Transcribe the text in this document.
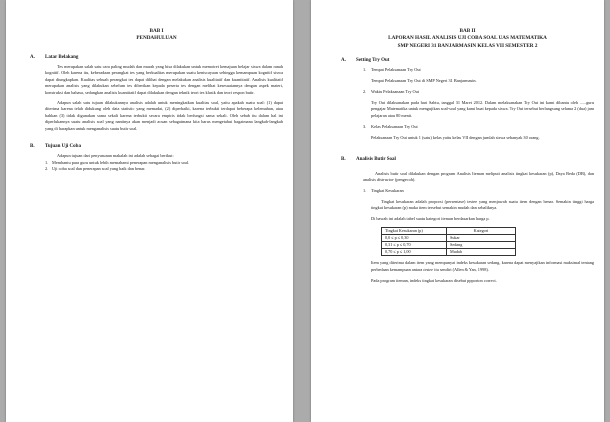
BAB I
PENDAHULUAN
A.	Latar Belakang

Tes merupakan salah satu cara paling mudah dan murah yang bisa dilakukan untuk memotret kemajuan belajar siswa dalam ranah kognitif. Oleh karena itu, keberadaan perangkat tes yang berkualitas merupakan suatu keniscayaan sehingga kemampuan kognitif siswa dapat diungkapkan. Kualitas sebuah perangkat tes dapat dilihat dengan melakukan analisis kualitatif dan kuantitatif. Analisis kualitatif merupakan analisis yang dilakukan sebelum tes diberikan kepada peserta tes dengan melihat kesesuaiannya dengan aspek materi, konstruksi dan bahasa, sedangkan analisis kuantitatif dapat dilakukan dengan teknik teori tes klasik dan teori respon butir.

Adapun salah satu tujuan dilakukannya analisis adalah untuk meningkatkan kualitas soal, yaitu apakah suatu soal: (1) dapat diterima karena telah didukung oleh data statistic yang memadai, (2) diperbaiki, karena terbukti terdapat beberapa kelemahan, atau bahkan (3) tidak digunakan sama sekali karena terbukti secara empiris tidak berfungsi sama sekali. Oleh sebab itu dalam hal ini diperlukannya suatu analisis soal yang nantinya akan menjadi acuan sebagaimana kita harus mengetahui bagaimana langkah-langkah yang di harapkan untuk menganalisis suatu butir soal.

B.	Tujuan Uji Coba

Adapun tujuan dari penyusunan makalah ini adalah sebagai berikut:

1. Membantu para guru untuk lebih memahami penerapan menganalisis butir soal.
2. Uji coba soal dan penerapan soal yang baik dan benar.
BAB II
LAPORAN HASIL ANALISIS UJI COBA SOAL UAS MATEMATIKA
SMP NEGERI 31 BANJARMASIN KELAS VII SEMESTER 2
A.	Setting Try Out
1.	Tempat Pelaksanaan Try Out

Tempat Pelaksanaan Try Out di SMP Negeri 31 Banjarmasin.

2.	Waktu Pelaksanaan Try Out

Try Out dilaksanakan pada hari Sabtu, tanggal 31 Maret 2012. Dalam melaksanakan Try Out ini kami dibantu oleh ......guru pengajar Matematika untuk mengujikan soal-soal yang kami buat kepada siswa. Try Out tersebut berlangsung selama 2 (dua) jam pelajaran atau 80 menit.

3.	Kelas Pelaksanaan Try Out

Pelaksanaan Try Out untuk 1 (satu) kelas yaitu kelas VII dengan jumlah siswa sebanyak 30 orang.

B.	Analisis Butir Soal

Analisis butir soal dilakukan dengan program Analisis Iteman meliputi analisis tingkat kesukaran (p), Daya Beda (DB), dan analisis distractor (pengecoh).

1.	Tingkat Kesukaran

Tingkat kesukaran adalah proporsi (persentase) testee yang menjawab suatu item dengan benar. Semakin tinggi harga tingkat kesukaran (p) maka item tersebut semakin mudah dan sebaliknya.

Di bawah ini adalah tabel suatu kategori iteman berdasarkan harga p.

Tingkat Kesukaran (p)	Kategori
0,0 ≤ p ≤ 0,30	Sukar
0,31 ≤ p ≤ 0,70	Sedang
0,70 ≤ p ≤ 1,00	Mudah

Item yang diterima dalam item yang mempunyai indeks kesukaran sedang, karena dapat menyajikan informasi maksimal tentang perbedaan kemampuan antara testee itu sendiri (Allen & Yan, 1998).

Pada program iteman, indeks tingkat kesukaran disebut ppporton correct.
